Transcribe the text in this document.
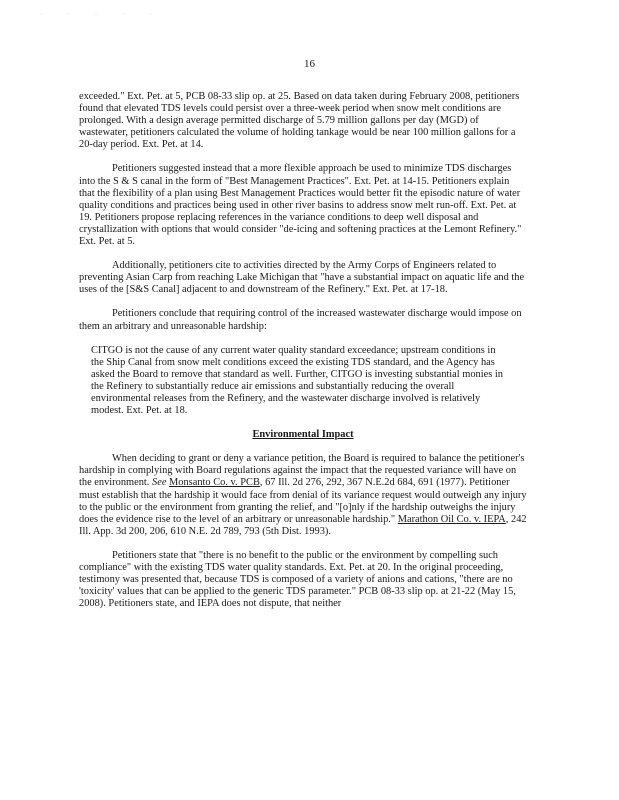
· · · · ·
16

exceeded." Ext. Pet. at 5, PCB 08-33 slip op. at 25. Based on data taken during February 2008, petitioners found that elevated TDS levels could persist over a three-week period when snow melt conditions are prolonged. With a design average permitted discharge of 5.79 million gallons per day (MGD) of wastewater, petitioners calculated the volume of holding tankage would be near 100 million gallons for a 20-day period. Ext. Pet. at 14.

Petitioners suggested instead that a more flexible approach be used to minimize TDS discharges into the S & S canal in the form of "Best Management Practices". Ext. Pet. at 14-15. Petitioners explain that the flexibility of a plan using Best Management Practices would better fit the episodic nature of water quality conditions and practices being used in other river basins to address snow melt run-off. Ext. Pet. at 19. Petitioners propose replacing references in the variance conditions to deep well disposal and crystallization with options that would consider "de-icing and softening practices at the Lemont Refinery." Ext. Pet. at 5.

Additionally, petitioners cite to activities directed by the Army Corps of Engineers related to preventing Asian Carp from reaching Lake Michigan that "have a substantial impact on aquatic life and the uses of the [S&S Canal] adjacent to and downstream of the Refinery." Ext. Pet. at 17-18.

Petitioners conclude that requiring control of the increased wastewater discharge would impose on them an arbitrary and unreasonable hardship:

CITGO is not the cause of any current water quality standard exceedance; upstream conditions in the Ship Canal from snow melt conditions exceed the existing TDS standard, and the Agency has asked the Board to remove that standard as well. Further, CITGO is investing substantial monies in the Refinery to substantially reduce air emissions and substantially reducing the overall environmental releases from the Refinery, and the wastewater discharge involved is relatively modest. Ext. Pet. at 18.

Environmental Impact

When deciding to grant or deny a variance petition, the Board is required to balance the petitioner's hardship in complying with Board regulations against the impact that the requested variance will have on the environment. See Monsanto Co. v. PCB, 67 Ill. 2d 276, 292, 367 N.E.2d 684, 691 (1977). Petitioner must establish that the hardship it would face from denial of its variance request would outweigh any injury to the public or the environment from granting the relief, and "[o]nly if the hardship outweighs the injury does the evidence rise to the level of an arbitrary or unreasonable hardship." Marathon Oil Co. v. IEPA, 242 Ill. App. 3d 200, 206, 610 N.E. 2d 789, 793 (5th Dist. 1993).

Petitioners state that "there is no benefit to the public or the environment by compelling such compliance" with the existing TDS water quality standards. Ext. Pet. at 20. In the original proceeding, testimony was presented that, because TDS is composed of a variety of anions and cations, "there are no 'toxicity' values that can be applied to the generic TDS parameter." PCB 08-33 slip op. at 21-22 (May 15, 2008). Petitioners state, and IEPA does not dispute, that neither
